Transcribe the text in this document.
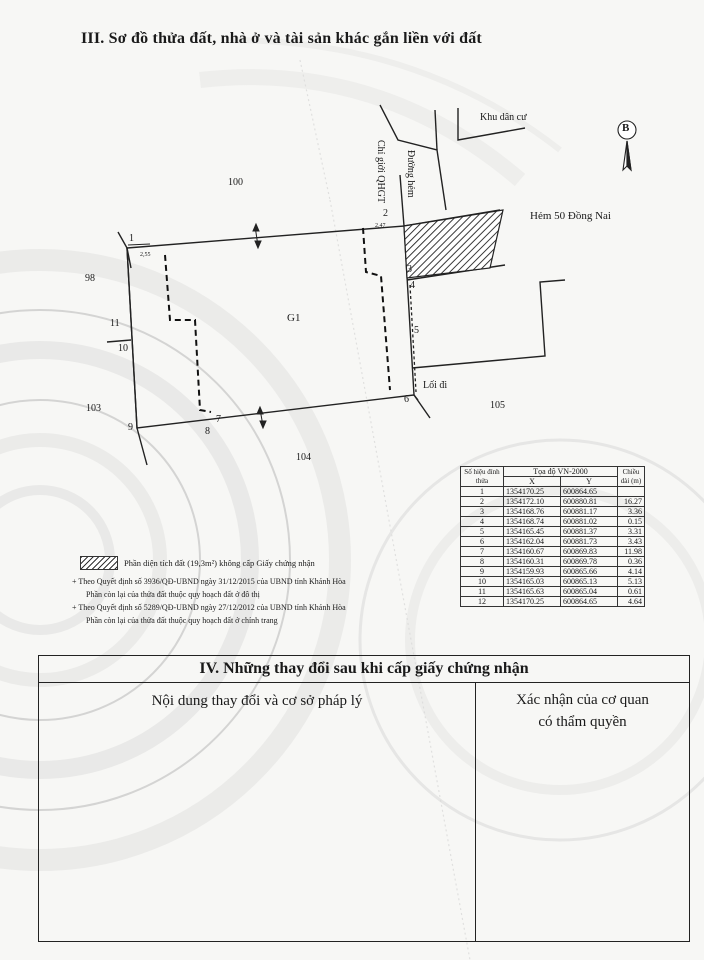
III. Sơ đồ thửa đất, nhà ở và tài sản khác gắn liền với đất
B
Khu dân cư
Đường hẻm
Chỉ giới QHGT
Hẻm 50 Đồng Nai
Lối đi
G1
100
98
103
104
105
2,55
2,47
1
2
3
4
5
6
7
8
9
10
11
Số hiệu đỉnh thửa	Tọa độ VN-2000		Chiều dài (m)
	X	Y	
1	1354170.25	600864.65	
2	1354172.10	600880.81	16.27
3	1354168.76	600881.17	3.36
4	1354168.74	600881.02	0.15
5	1354165.45	600881.37	3.31
6	1354162.04	600881.73	3.43
7	1354160.67	600869.83	11.98
8	1354160.31	600869.78	0.36
9	1354159.93	600865.66	4.14
10	1354165.03	600865.13	5.13
11	1354165.63	600865.04	0.61
12	1354170.25	600864.65	4.64
Phần diện tích đất (19,3m²) không cấp Giấy chứng nhận
+ Theo Quyết định số 3936/QĐ-UBND ngày 31/12/2015 của UBND tỉnh Khánh Hòa
Phần còn lại của thửa đất thuộc quy hoạch đất ở đô thị
+ Theo Quyết định số 5289/QĐ-UBND ngày 27/12/2012 của UBND tỉnh Khánh Hòa
Phần còn lại của thửa đất thuộc quy hoạch đất ở chỉnh trang
IV. Những thay đổi sau khi cấp giấy chứng nhận
Nội dung thay đổi và cơ sở pháp lý	Xác nhận của cơ quan
có thẩm quyền
